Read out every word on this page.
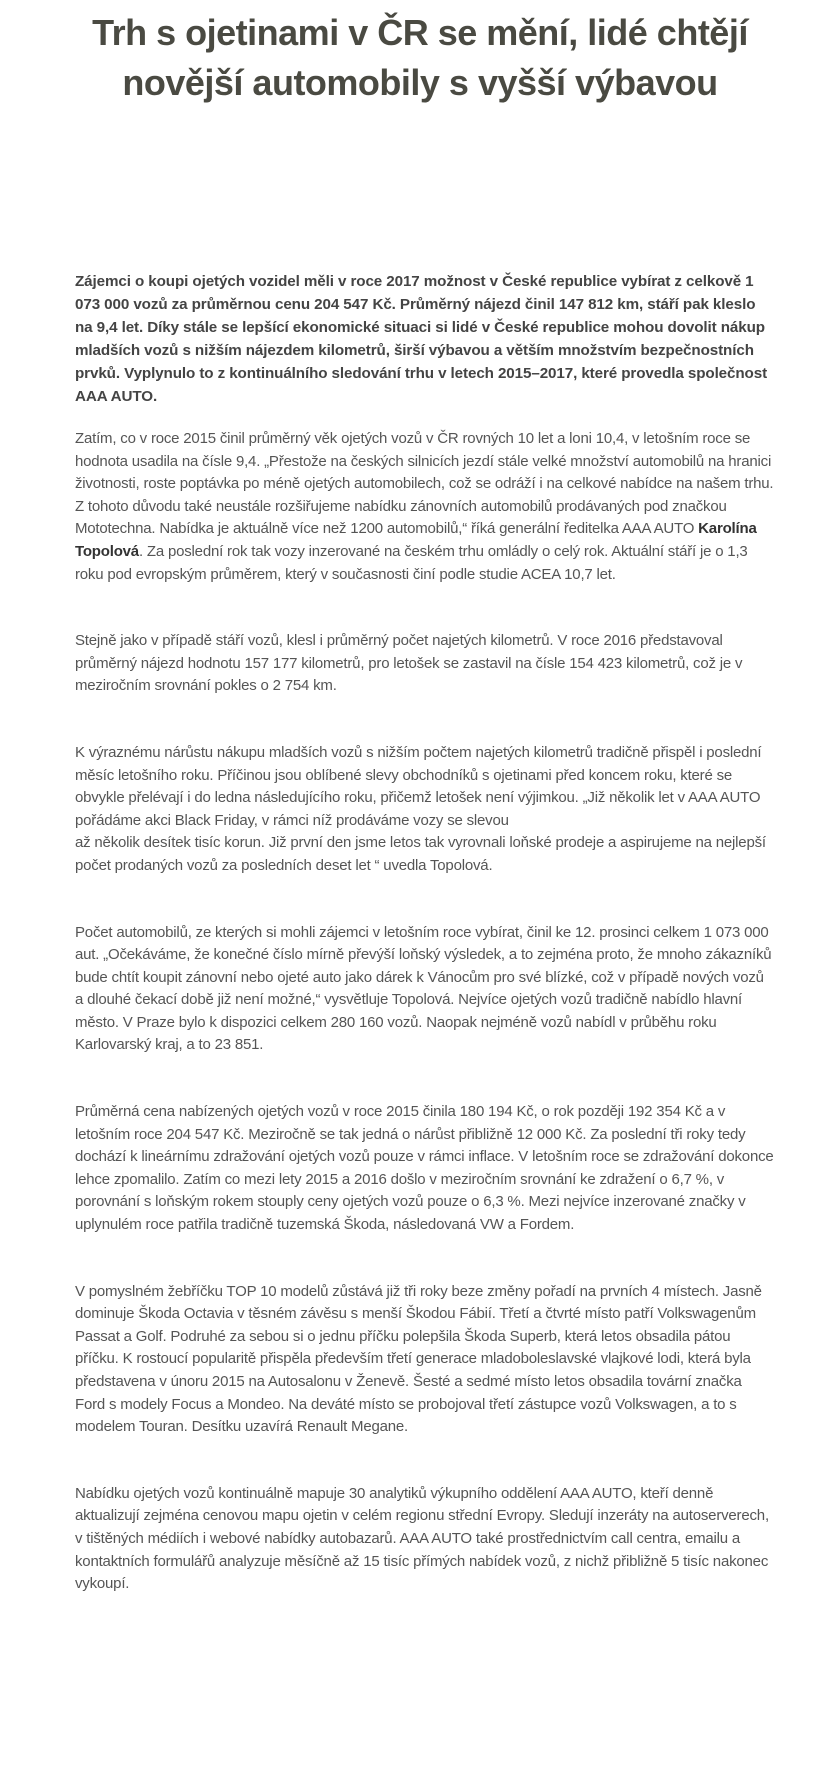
Trh s ojetinami v ČR se mění, lidé chtějí novější automobily s vyšší výbavou

Zájemci o koupi ojetých vozidel měli v roce 2017 možnost v České republice vybírat z celkově 1 073 000 vozů za průměrnou cenu 204 547 Kč. Průměrný nájezd činil 147 812 km, stáří pak kleslo na 9,4 let. Díky stále se lepšící ekonomické situaci si lidé v České republice mohou dovolit nákup mladších vozů s nižším nájezdem kilometrů, širší výbavou a větším množstvím bezpečnostních prvků. Vyplynulo to z kontinuálního sledování trhu v letech 2015–2017, které provedla společnost AAA AUTO.

Zatím, co v roce 2015 činil průměrný věk ojetých vozů v ČR rovných 10 let a loni 10,4, v letošním roce se hodnota usadila na čísle 9,4. „Přestože na českých silnicích jezdí stále velké množství automobilů na hranici životnosti, roste poptávka po méně ojetých automobilech, což se odráží i na celkové nabídce na našem trhu. Z tohoto důvodu také neustále rozšiřujeme nabídku zánovních automobilů prodávaných pod značkou Mototechna. Nabídka je aktuálně více než 1200 automobilů,“ říká generální ředitelka AAA AUTO Karolína Topolová. Za poslední rok tak vozy inzerované na českém trhu omládly o celý rok. Aktuální stáří je o 1,3 roku pod evropským průměrem, který v současnosti činí podle studie ACEA 10,7 let.

Stejně jako v případě stáří vozů, klesl i průměrný počet najetých kilometrů. V roce 2016 představoval průměrný nájezd hodnotu 157 177 kilometrů, pro letošek se zastavil na čísle 154 423 kilometrů, což je v meziročním srovnání pokles o 2 754 km.

K výraznému nárůstu nákupu mladších vozů s nižším počtem najetých kilometrů tradičně přispěl i poslední měsíc letošního roku. Příčinou jsou oblíbené slevy obchodníků s ojetinami před koncem roku, které se obvykle přelévají i do ledna následujícího roku, přičemž letošek není výjimkou. „Již několik let v AAA AUTO pořádáme akci Black Friday, v rámci níž prodáváme vozy se slevou
až několik desítek tisíc korun. Již první den jsme letos tak vyrovnali loňské prodeje a aspirujeme na nejlepší počet prodaných vozů za posledních deset let “ uvedla Topolová.

Počet automobilů, ze kterých si mohli zájemci v letošním roce vybírat, činil ke 12. prosinci celkem 1 073 000 aut. „Očekáváme, že konečné číslo mírně převýší loňský výsledek, a to zejména proto, že mnoho zákazníků bude chtít koupit zánovní nebo ojeté auto jako dárek k Vánocům pro své blízké, což v případě nových vozů a dlouhé čekací době již není možné,“ vysvětluje Topolová. Nejvíce ojetých vozů tradičně nabídlo hlavní město. V Praze bylo k dispozici celkem 280 160 vozů. Naopak nejméně vozů nabídl v průběhu roku Karlovarský kraj, a to 23 851.

Průměrná cena nabízených ojetých vozů v roce 2015 činila 180 194 Kč, o rok později 192 354 Kč a v letošním roce 204 547 Kč. Meziročně se tak jedná o nárůst přibližně 12 000 Kč. Za poslední tři roky tedy dochází k lineárnímu zdražování ojetých vozů pouze v rámci inflace. V letošním roce se zdražování dokonce lehce zpomalilo. Zatím co mezi lety 2015 a 2016 došlo v meziročním srovnání ke zdražení o 6,7 %, v porovnání s loňským rokem stouply ceny ojetých vozů pouze o 6,3 %. Mezi nejvíce inzerované značky v uplynulém roce patřila tradičně tuzemská Škoda, následovaná VW a Fordem.

V pomyslném žebříčku TOP 10 modelů zůstává již tři roky beze změny pořadí na prvních 4 místech. Jasně dominuje Škoda Octavia v těsném závěsu s menší Škodou Fábií. Třetí a čtvrté místo patří Volkswagenům Passat a Golf. Podruhé za sebou si o jednu příčku polepšila Škoda Superb, která letos obsadila pátou příčku. K rostoucí popularitě přispěla především třetí generace mladoboleslavské vlajkové lodi, která byla představena v únoru 2015 na Autosalonu v Ženevě. Šesté a sedmé místo letos obsadila tovární značka Ford s modely Focus a Mondeo. Na deváté místo se probojoval třetí zástupce vozů Volkswagen, a to s modelem Touran. Desítku uzavírá Renault Megane.

Nabídku ojetých vozů kontinuálně mapuje 30 analytiků výkupního oddělení AAA AUTO, kteří denně aktualizují zejména cenovou mapu ojetin v celém regionu střední Evropy. Sledují inzeráty na autoserverech, v tištěných médiích i webové nabídky autobazarů. AAA AUTO také prostřednictvím call centra, emailu a kontaktních formulářů analyzuje měsíčně až 15 tisíc přímých nabídek vozů, z nichž přibližně 5 tisíc nakonec vykoupí.
